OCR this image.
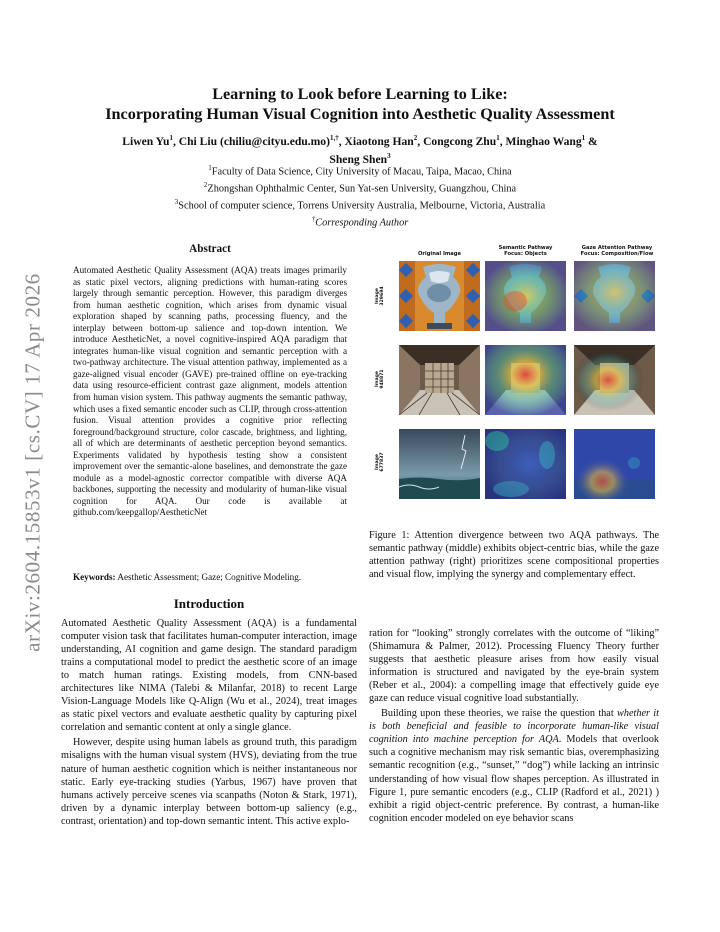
Learning to Look before Learning to Like:
Incorporating Human Visual Cognition into Aesthetic Quality Assessment
Liwen Yu$^1$, Chi Liu (chiliu@cityu.edu.mo)$^{1,\dagger}$, Xiaotong Han$^2$, Congcong Zhu$^1$, Minghao Wang$^1$ &
Sheng Shen$^3$
$^1$Faculty of Data Science, City University of Macau, Taipa, Macao, China
$^2$Zhongshan Ophthalmic Center, Sun Yat-sen University, Guangzhou, China
$^3$School of computer science, Torrens University Australia, Melbourne, Victoria, Australia
†Corresponding Author
arXiv:2604.15853v1 [cs.CV] 17 Apr 2026
Abstract
Automated Aesthetic Quality Assessment (AQA) treats images primarily as static pixel vectors, aligning predictions with human-rating scores largely through semantic perception. However, this paradigm diverges from human aesthetic cognition, which arises from dynamic visual exploration shaped by scanning paths, processing fluency, and the interplay between bottom-up salience and top-down intention. We introduce AestheticNet, a novel cognitive-inspired AQA paradigm that integrates human-like visual cognition and semantic perception with a two-pathway architecture. The visual attention pathway, implemented as a gaze-aligned visual encoder (GAVE) pre-trained offline on eye-tracking data using resource-efficient contrast gaze alignment, models attention from human vision system. This pathway augments the semantic pathway, which uses a fixed semantic encoder such as CLIP, through cross-attention fusion. Visual attention provides a cognitive prior reflecting foreground/background structure, color cascade, brightness, and lighting, all of which are determinants of aesthetic perception beyond semantics. Experiments validated by hypothesis testing show a consistent improvement over the semantic-alone baselines, and demonstrate the gaze module as a model-agnostic corrector compatible with diverse AQA backbones, supporting the necessity and modularity of human-like visual cognition for AQA. Our code is available at github.com/keepgallop/AestheticNet
Keywords: Aesthetic Assessment; Gaze; Cognitive Modeling.
Introduction

Automated Aesthetic Quality Assessment (AQA) is a fundamental computer vision task that facilitates human-computer interaction, image understanding, AI cognition and game design. The standard paradigm trains a computational model to predict the aesthetic score of an image to match human ratings. Existing models, from CNN-based architectures like NIMA (Talebi & Milanfar, 2018) to recent Large Vision-Language Models like Q-Align (Wu et al., 2024), treat images as static pixel vectors and evaluate aesthetic quality by capturing pixel correlation and semantic content at only a single glance.

However, despite using human labels as ground truth, this paradigm misaligns with the human visual system (HVS), deviating from the true nature of human aesthetic cognition which is neither instantaneous nor static. Early eye-tracking studies (Yarbus, 1967) have proven that humans actively perceive scenes via scanpaths (Noton & Stark, 1971), driven by a dynamic interplay between bottom-up saliency (e.g., contrast, orientation) and top-down semantic intent. This active explo-

ration for “looking” strongly correlates with the outcome of “liking” (Shimamura & Palmer, 2012). Processing Fluency Theory further suggests that aesthetic pleasure arises from how easily visual information is structured and navigated by the eye-brain system (Reber et al., 2004): a compelling image that effectively guide eye gaze can reduce visual cognitive load substantially.

Building upon these theories, we raise the question that whether it is both beneficial and feasible to incorporate human-like visual cognition into machine perception for AQA. Models that overlook such a cognitive mechanism may risk semantic bias, overemphasizing semantic recognition (e.g., “sunset,” “dog”) while lacking an intrinsic understanding of how visual flow shapes perception. As illustrated in Figure 1, pure semantic encoders (e.g., CLIP (Radford et al., 2021) ) exhibit a rigid object-centric preference. By contrast, a human-like cognition encoder modeled on eye behavior scans

Original Image
Semantic Pathway
Focus: Objects
Gaze Attention Pathway
Focus: Composition/Flow
Image
329694
Image
948871
Image
677837
Figure 1: Attention divergence between two AQA pathways. The semantic pathway (middle) exhibits object-centric bias, while the gaze attention pathway (right) prioritizes scene compositional properties and visual flow, implying the synergy and complementary effect.
